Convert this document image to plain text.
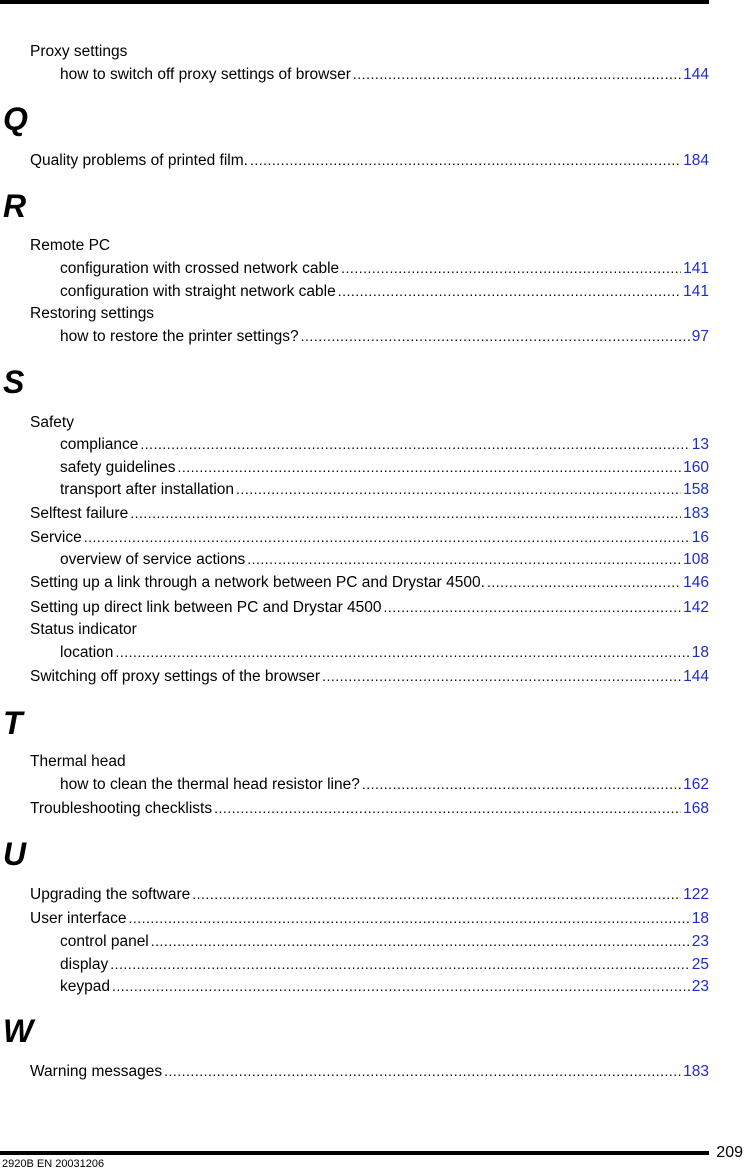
Proxy settings
how to switch off proxy settings of browser .....	144
Q
Quality problems of printed film. .....	184
R
Remote PC
configuration with crossed network cable .....	141
configuration with straight network cable .....	141
Restoring settings
how to restore the printer settings? .....	97
S
Safety
compliance .....	13
safety guidelines .....	160
transport after installation .....	158
Selftest failure .....	183
Service .....	16
overview of service actions .....	108
Setting up a link through a network between PC and Drystar 4500. .....	146
Setting up direct link between PC and Drystar 4500 .....	142
Status indicator
location .....	18
Switching off proxy settings of the browser .....	144
T
Thermal head
how to clean the thermal head resistor line? .....	162
Troubleshooting checklists .....	168
U
Upgrading the software .....	122
User interface .....	18
control panel .....	23
display .....	25
keypad .....	23
W
Warning messages .....	183
209
2920B EN 20031206
